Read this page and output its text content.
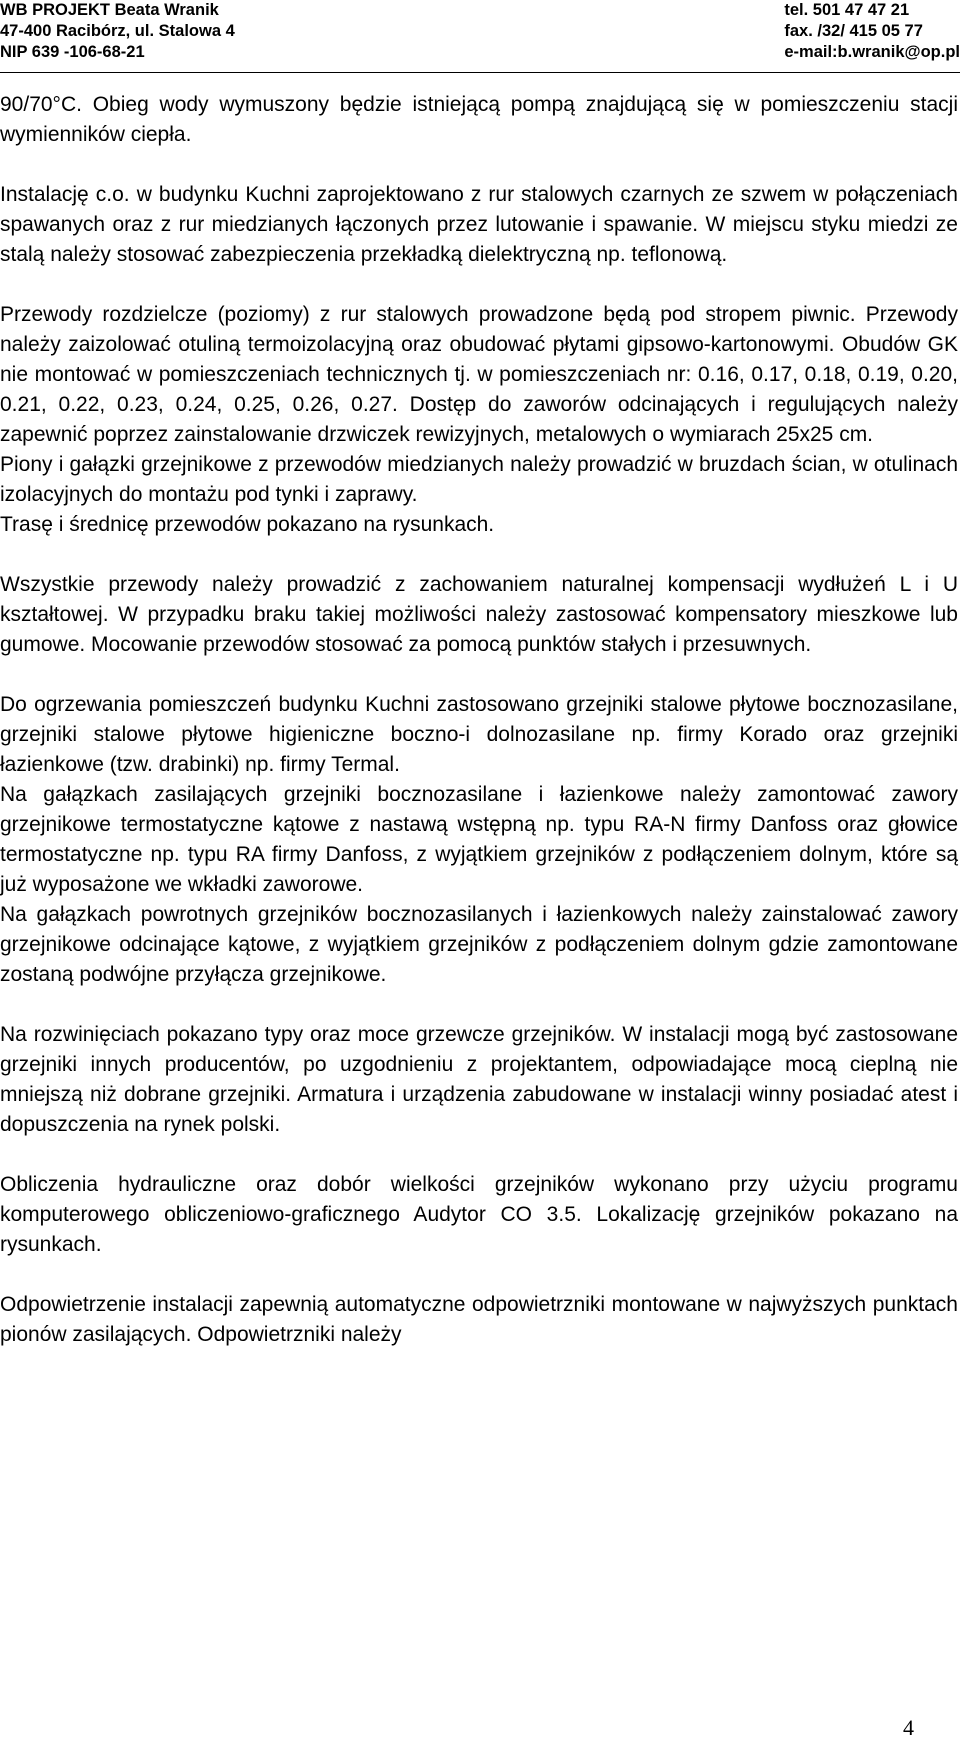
WB PROJEKT Beata Wranik
47-400 Racibórz, ul. Stalowa 4
NIP 639 -106-68-21
tel. 501 47 47 21
fax. /32/ 415 05 77
e-mail:b.wranik@op.pl

90/70°C. Obieg wody wymuszony będzie istniejącą pompą znajdującą się w pomieszczeniu stacji wymienników ciepła.

Instalację c.o. w budynku Kuchni zaprojektowano z rur stalowych czarnych ze szwem w połączeniach spawanych oraz z rur miedzianych łączonych przez lutowanie i spawanie. W miejscu styku miedzi ze stalą należy stosować zabezpieczenia przekładką dielektryczną np. teflonową.

Przewody rozdzielcze (poziomy) z rur stalowych prowadzone będą pod stropem piwnic. Przewody należy zaizolować otuliną termoizolacyjną oraz obudować płytami gipsowo-kartonowymi. Obudów GK nie montować w pomieszczeniach technicznych tj. w pomieszczeniach nr: 0.16, 0.17, 0.18, 0.19, 0.20, 0.21, 0.22, 0.23, 0.24, 0.25, 0.26, 0.27. Dostęp do zaworów odcinających i regulujących należy zapewnić poprzez zainstalowanie drzwiczek rewizyjnych, metalowych o wymiarach 25x25 cm.

Piony i gałązki grzejnikowe z przewodów miedzianych należy prowadzić w bruzdach ścian, w otulinach izolacyjnych do montażu pod tynki i zaprawy.

Trasę i średnicę przewodów pokazano na rysunkach.

Wszystkie przewody należy prowadzić z zachowaniem naturalnej kompensacji wydłużeń L i U kształtowej. W przypadku braku takiej możliwości należy zastosować kompensatory mieszkowe lub gumowe. Mocowanie przewodów stosować za pomocą punktów stałych i przesuwnych.

Do ogrzewania pomieszczeń budynku Kuchni zastosowano grzejniki stalowe płytowe bocznozasilane, grzejniki stalowe płytowe higieniczne boczno-i dolnozasilane np. firmy Korado oraz grzejniki łazienkowe (tzw. drabinki) np. firmy Termal.

Na gałązkach zasilających grzejniki bocznozasilane i łazienkowe należy zamontować zawory grzejnikowe termostatyczne kątowe z nastawą wstępną np. typu RA-N firmy Danfoss oraz głowice termostatyczne np. typu RA firmy Danfoss, z wyjątkiem grzejników z podłączeniem dolnym, które są już wyposażone we wkładki zaworowe.

Na gałązkach powrotnych grzejników bocznozasilanych i łazienkowych należy zainstalować zawory grzejnikowe odcinające kątowe, z wyjątkiem grzejników z podłączeniem dolnym gdzie zamontowane zostaną podwójne przyłącza grzejnikowe.

Na rozwinięciach pokazano typy oraz moce grzewcze grzejników. W instalacji mogą być zastosowane grzejniki innych producentów, po uzgodnieniu z projektantem, odpowiadające mocą cieplną nie mniejszą niż dobrane grzejniki. Armatura i urządzenia zabudowane w instalacji winny posiadać atest i dopuszczenia na rynek polski.

Obliczenia hydrauliczne oraz dobór wielkości grzejników wykonano przy użyciu programu komputerowego obliczeniowo-graficznego Audytor CO 3.5. Lokalizację grzejników pokazano na rysunkach.

Odpowietrzenie instalacji zapewnią automatyczne odpowietrzniki montowane w najwyższych punktach pionów zasilających. Odpowietrzniki należy

4
